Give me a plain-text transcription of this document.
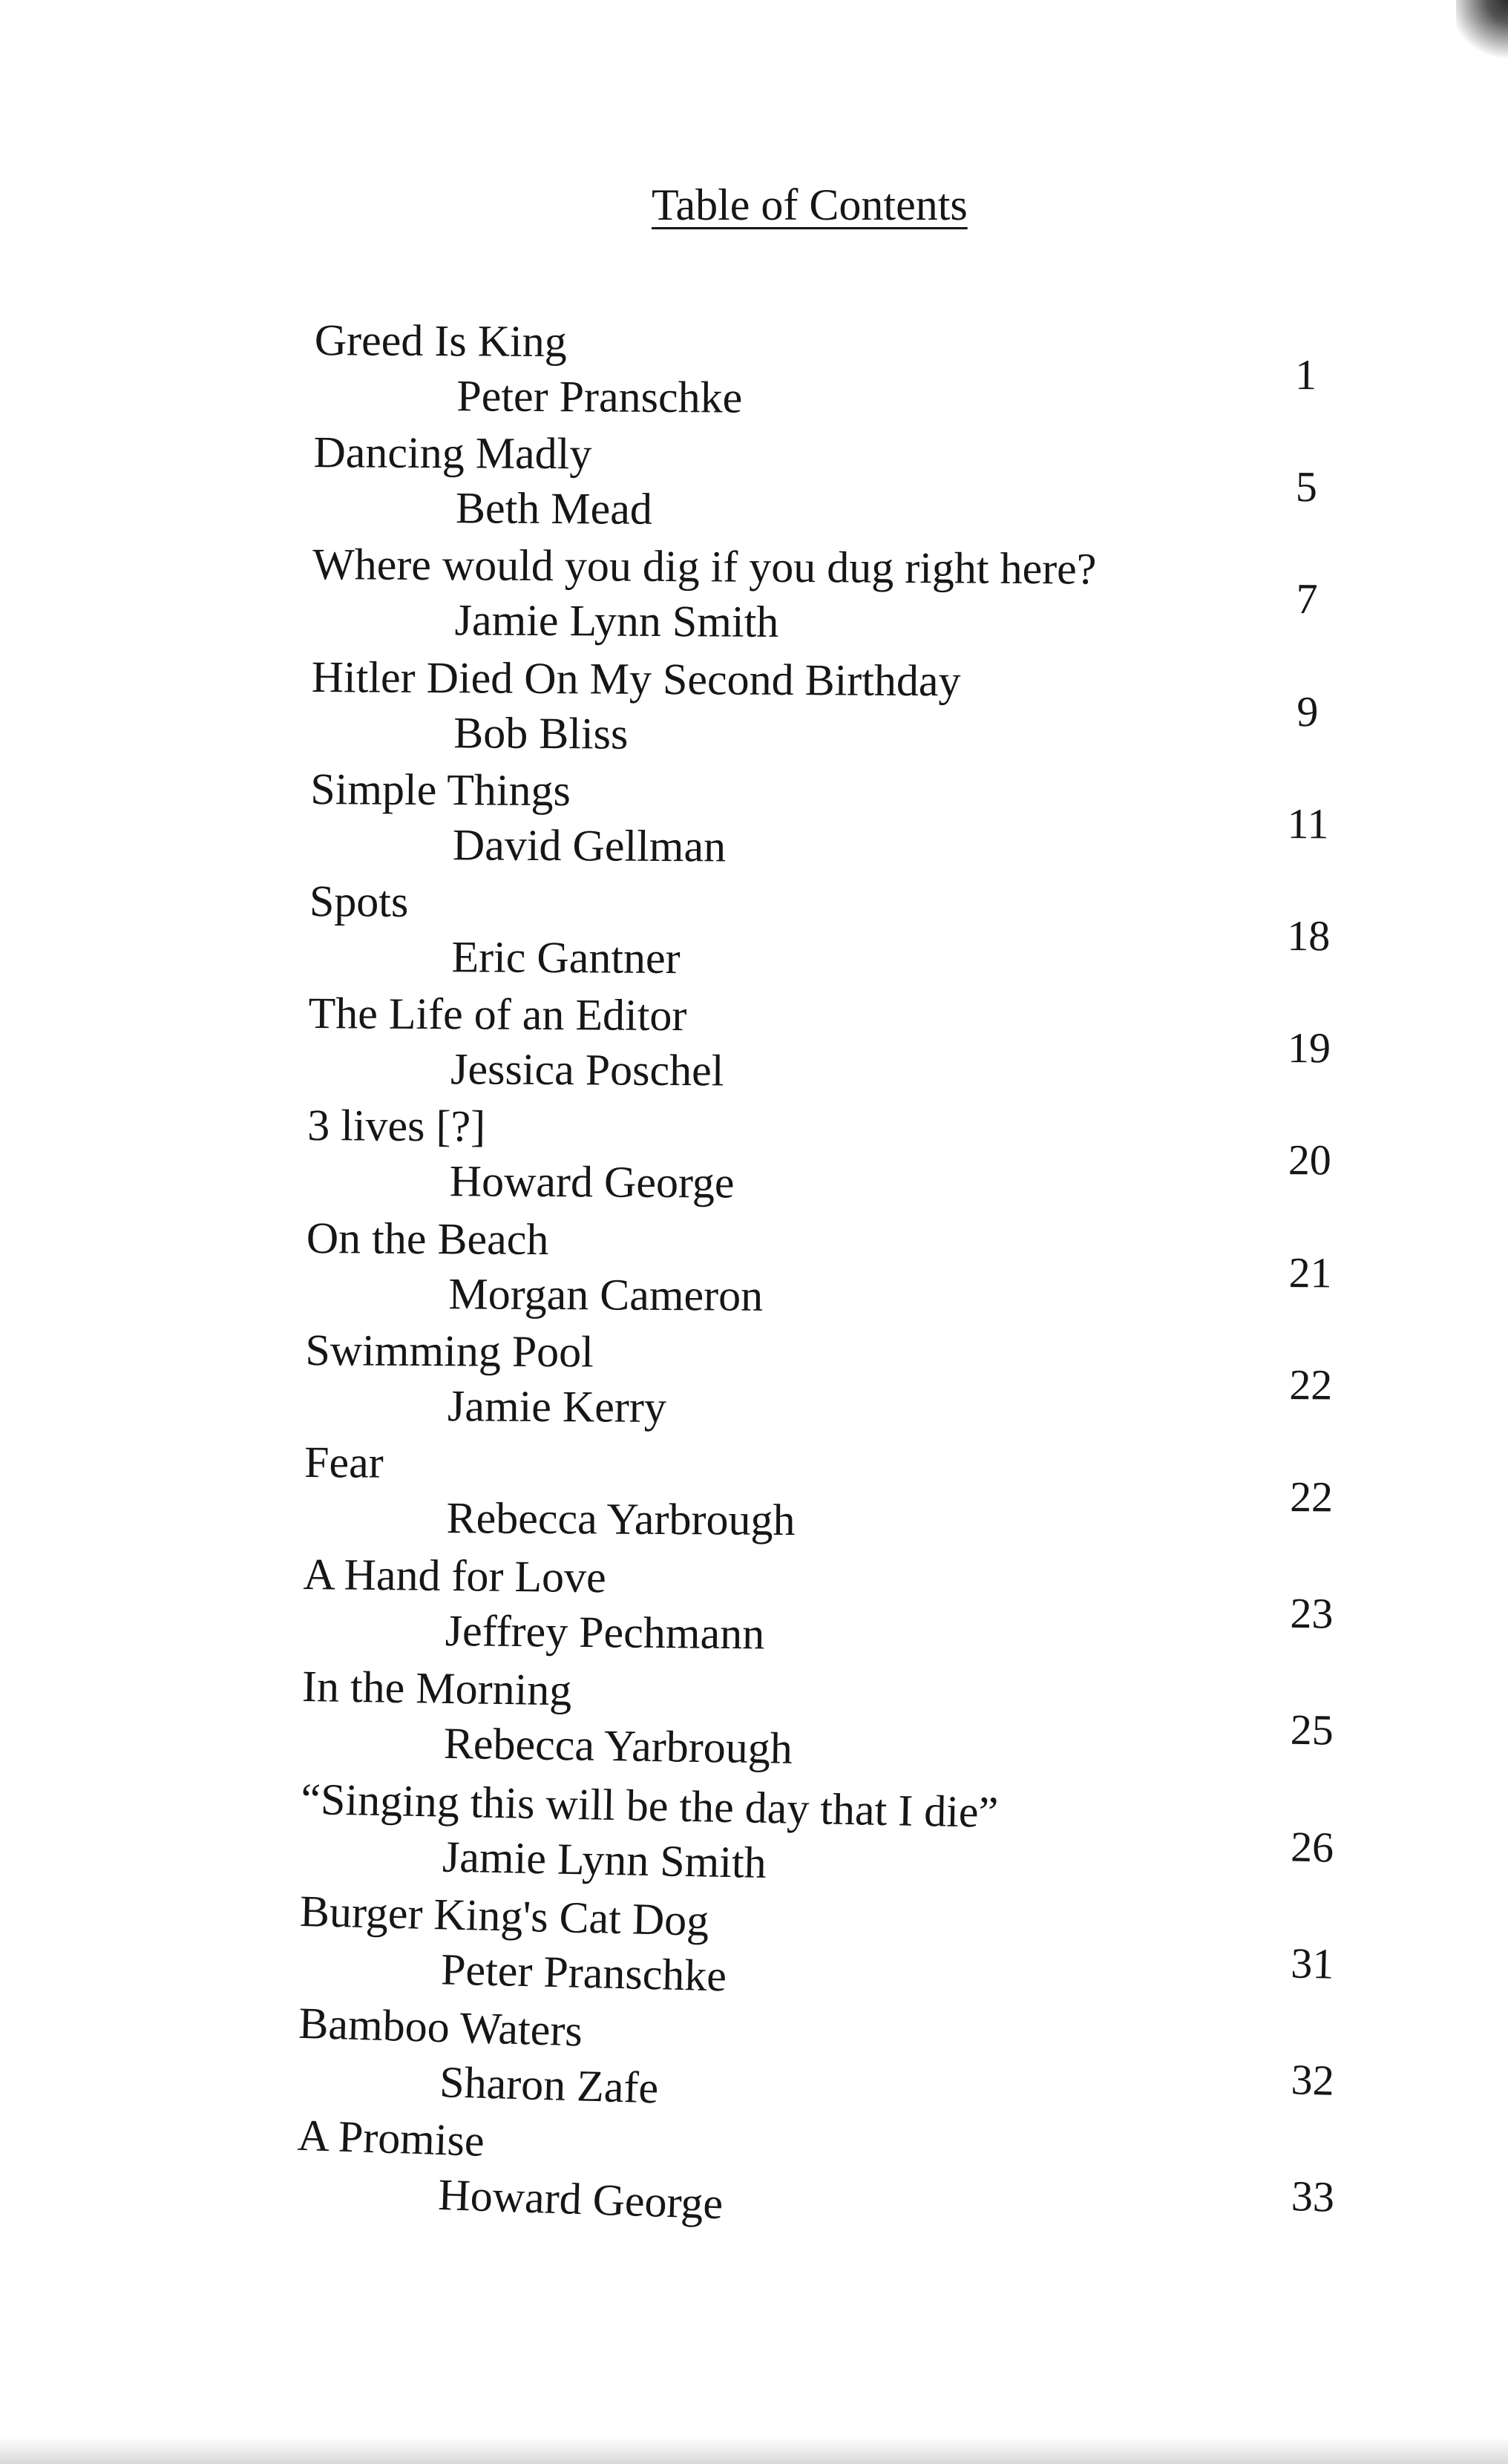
Table of Contents
Greed Is King
Peter Pranschke	1
Dancing Madly
Beth Mead	5
Where would you dig if you dug right here?
Jamie Lynn Smith	7
Hitler Died On My Second Birthday
Bob Bliss	9
Simple Things
David Gellman	11
Spots
Eric Gantner	18
The Life of an Editor
Jessica Poschel	19
3 lives [?]
Howard George	20
On the Beach
Morgan Cameron	21
Swimming Pool
Jamie Kerry	22
Fear
Rebecca Yarbrough	22
A Hand for Love
Jeffrey Pechmann	23
In the Morning
Rebecca Yarbrough	25
“Singing this will be the day that I die”
Jamie Lynn Smith	26
Burger King's Cat Dog
Peter Pranschke	31
Bamboo Waters
Sharon Zafe	32
A Promise
Howard George	33
